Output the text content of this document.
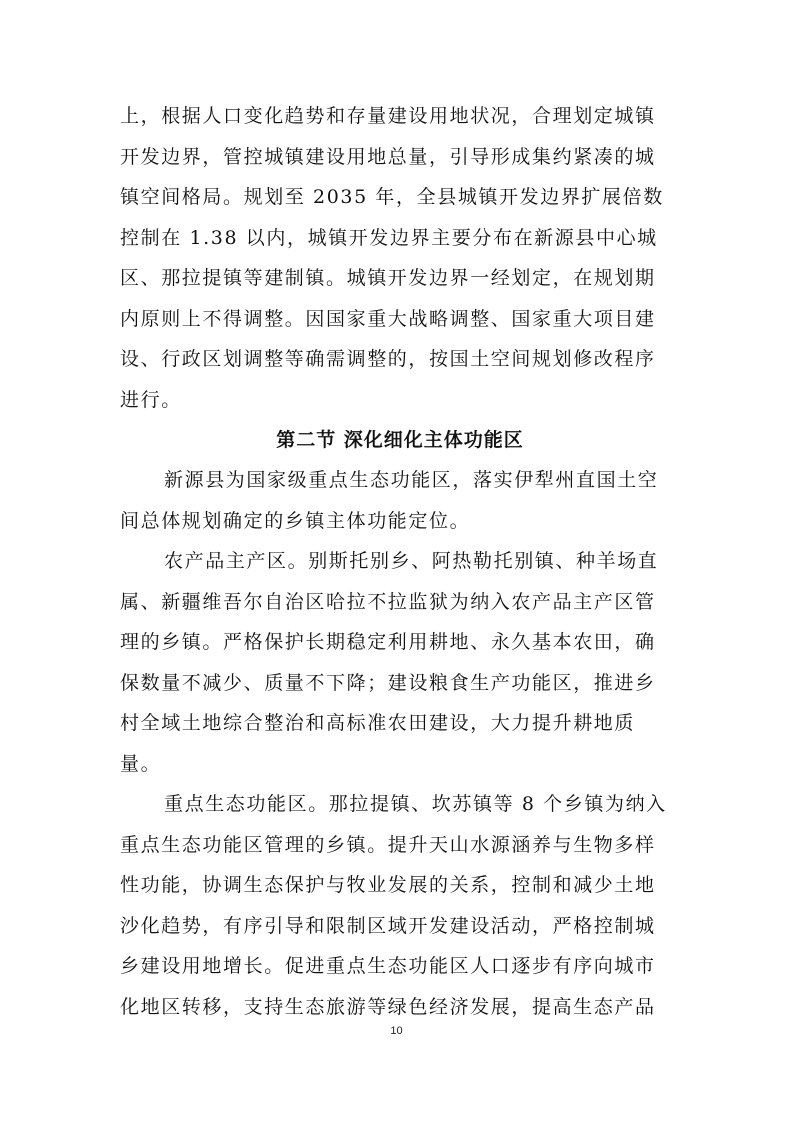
上，根据人口变化趋势和存量建设用地状况，合理划定城镇
开发边界，管控城镇建设用地总量，引导形成集约紧凑的城
镇空间格局。规划至 2035 年，全县城镇开发边界扩展倍数
控制在 1.38 以内，城镇开发边界主要分布在新源县中心城
区、那拉提镇等建制镇。城镇开发边界一经划定，在规划期
内原则上不得调整。因国家重大战略调整、国家重大项目建
设、行政区划调整等确需调整的，按国土空间规划修改程序
进行。

第二节 深化细化主体功能区

新源县为国家级重点生态功能区，落实伊犁州直国土空
间总体规划确定的乡镇主体功能定位。

农产品主产区。别斯托别乡、阿热勒托别镇、种羊场直
属、新疆维吾尔自治区哈拉不拉监狱为纳入农产品主产区管
理的乡镇。严格保护长期稳定利用耕地、永久基本农田，确
保数量不减少、质量不下降；建设粮食生产功能区，推进乡
村全域土地综合整治和高标准农田建设，大力提升耕地质
量。

重点生态功能区。那拉提镇、坎苏镇等 8 个乡镇为纳入
重点生态功能区管理的乡镇。提升天山水源涵养与生物多样
性功能，协调生态保护与牧业发展的关系，控制和减少土地
沙化趋势，有序引导和限制区域开发建设活动，严格控制城
乡建设用地增长。促进重点生态功能区人口逐步有序向城市
化地区转移，支持生态旅游等绿色经济发展，提高生态产品

10
